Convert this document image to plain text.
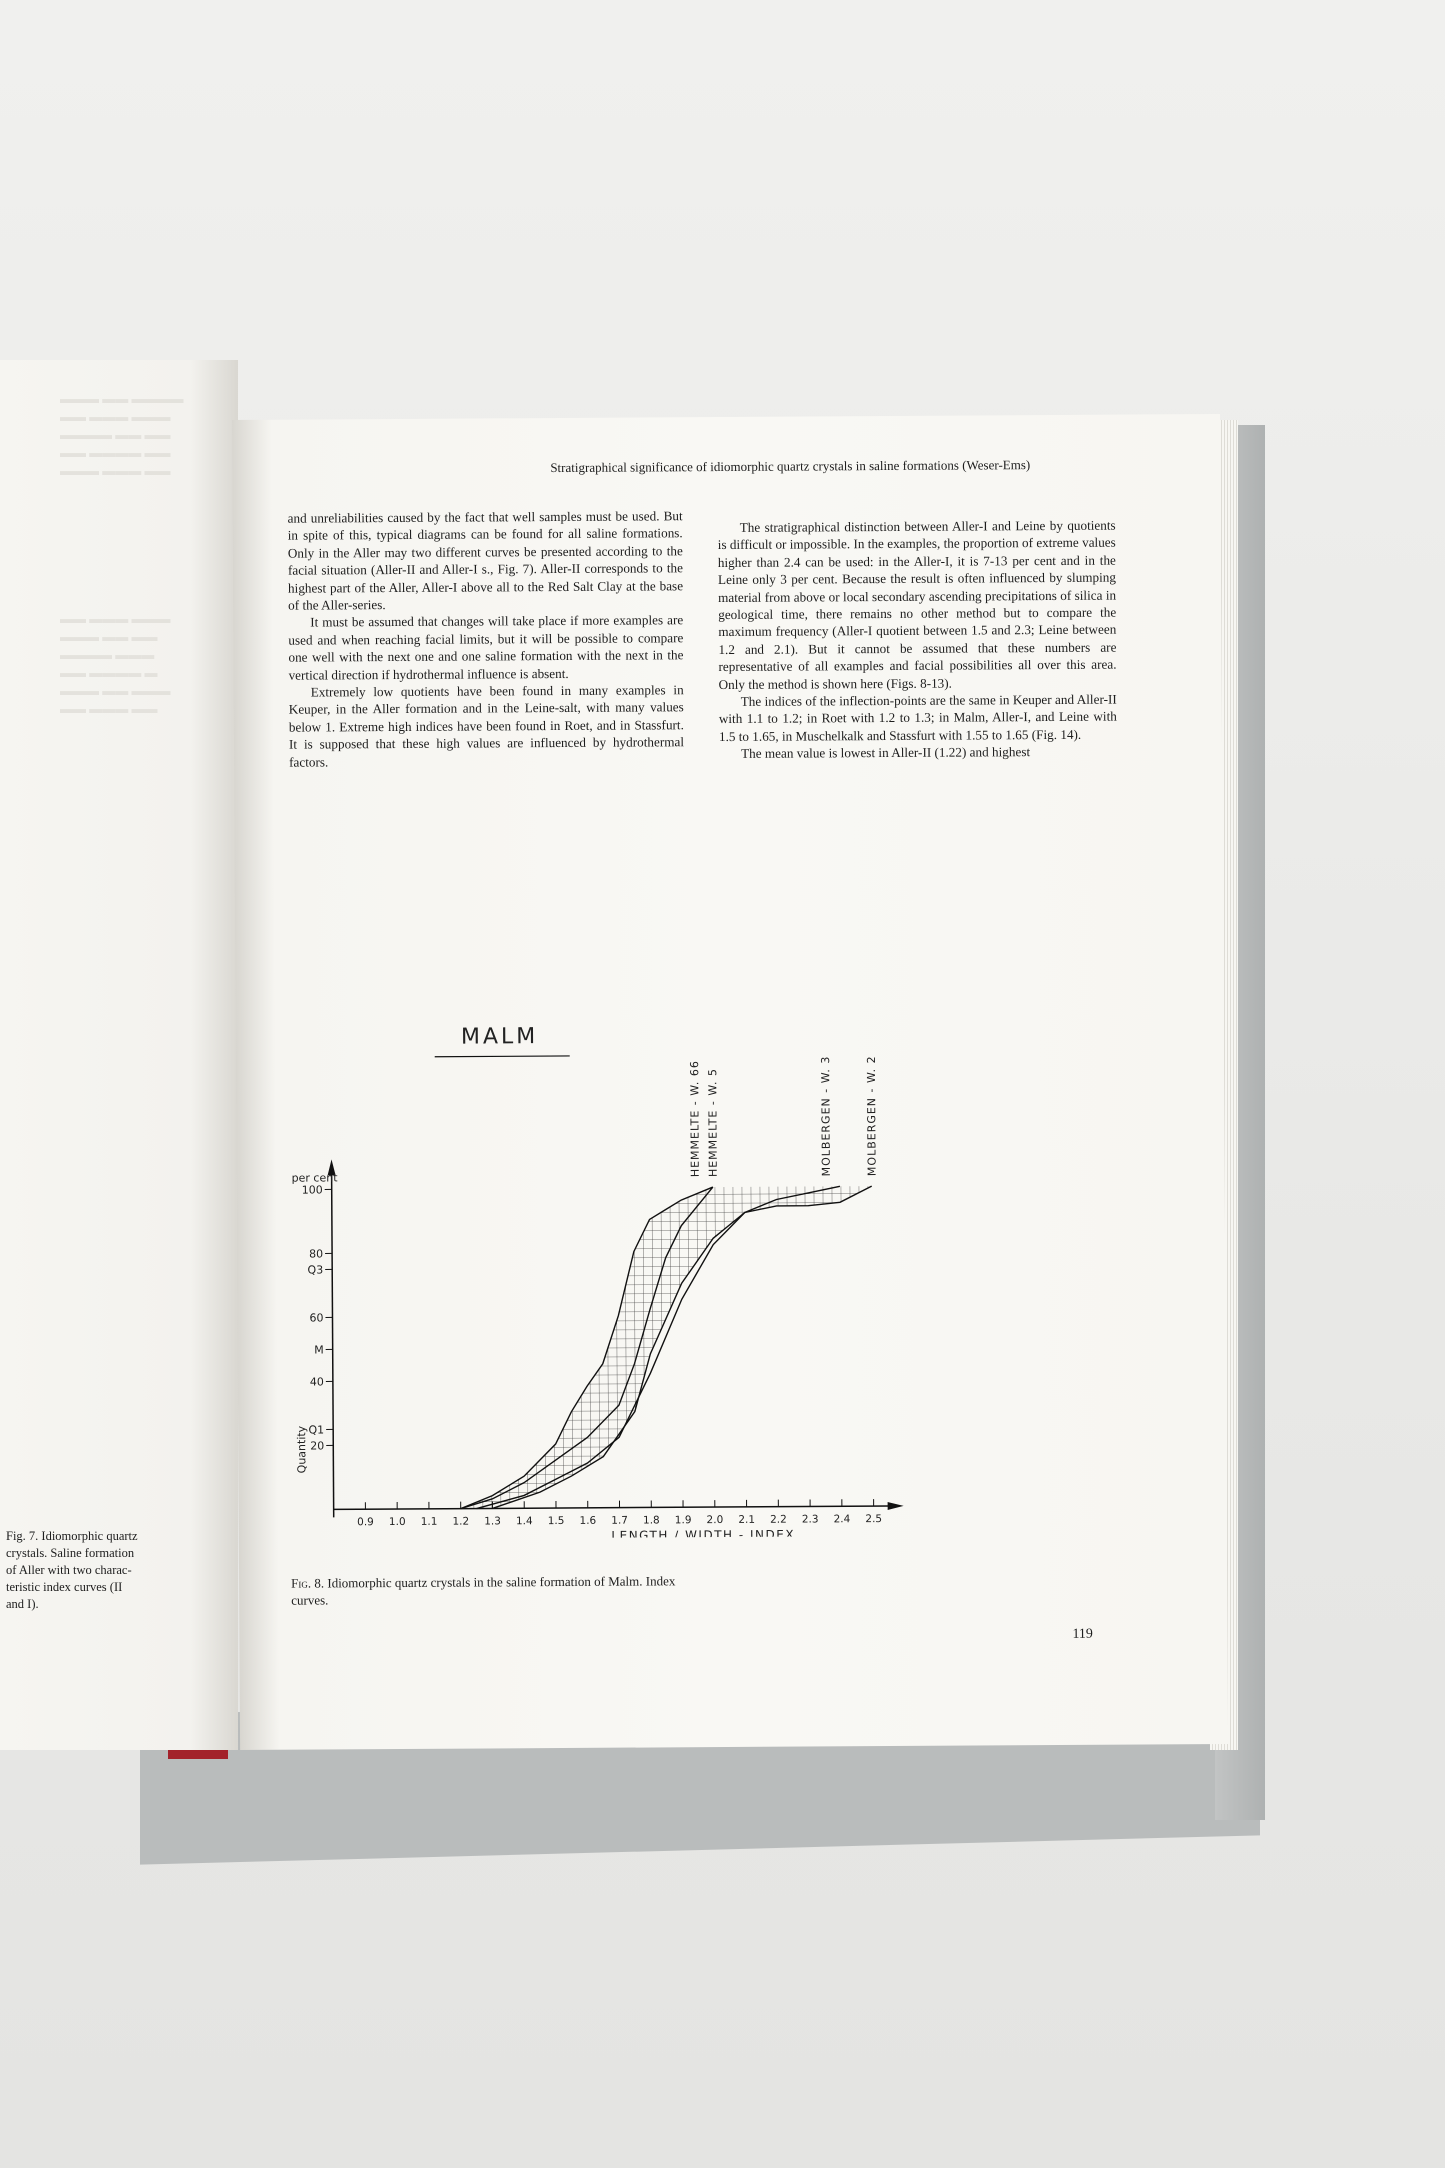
▬▬▬ ▬▬ ▬▬▬▬
▬▬ ▬▬▬ ▬▬▬
▬▬▬▬ ▬▬ ▬▬
▬▬ ▬▬▬▬ ▬▬
▬▬▬ ▬▬▬ ▬▬
▬▬ ▬▬▬ ▬▬▬
▬▬▬ ▬▬ ▬▬
▬▬▬▬ ▬▬▬
▬▬ ▬▬▬▬ ▬
▬▬▬ ▬▬ ▬▬▬
▬▬ ▬▬▬ ▬▬
Fig. 7. Idiomorphic quartz
crystals. Saline formation
of Aller with two charac-
teristic index curves (II
and I).
Stratigraphical significance of idiomorphic quartz crystals in saline formations (Weser-Ems)

and unreliabilities caused by the fact that well samples must be used. But in spite of this, typical diagrams can be found for all saline formations. Only in the Aller may two different curves be presented according to the facial situation (Aller-II and Aller-I s., Fig. 7). Aller-II corresponds to the highest part of the Aller, Aller-I above all to the Red Salt Clay at the base of the Aller-series.

It must be assumed that changes will take place if more examples are used and when reaching facial limits, but it will be possible to compare one well with the next one and one saline formation with the next in the vertical direction if hydrothermal influence is absent.

Extremely low quotients have been found in many examples in Keuper, in the Aller formation and in the Leine-salt, with many values below 1. Extreme high indices have been found in Roet, and in Stassfurt. It is supposed that these high values are influenced by hydrothermal factors.

The stratigraphical distinction between Aller-I and Leine by quotients is difficult or impossible. In the examples, the proportion of extreme values higher than 2.4 can be used: in the Aller-I, it is 7-13 per cent and in the Leine only 3 per cent. Because the result is often influenced by slumping material from above or local secondary ascending precipitations of silica in geological time, there remains no other method but to compare the maximum frequency (Aller-I quotient between 1.5 and 2.3; Leine between 1.2 and 2.1). But it cannot be assumed that these numbers are representative of all examples and facial possibilities all over this area. Only the method is shown here (Figs. 8-13).

The indices of the inflection-points are the same in Keuper and Aller-II with 1.1 to 1.2; in Roet with 1.2 to 1.3; in Malm, Aller-I, and Leine with 1.5 to 1.65, in Muschelkalk and Stassfurt with 1.55 to 1.65 (Fig. 14).

The mean value is lowest in Aller-II (1.22) and highest

0.9 1.0 1.1 1.2 1.3 1.4 1.5 1.6 1.7 1.8 1.9 2.0 2.1 2.2 2.3 2.4 2.5
100
80
60
40
20
Q3
M
Q1
per cent
Quantity
LENGTH / WIDTH - INDEX
MALM
HEMMELTE - W. 66 HEMMELTE - W. 5	MOLBERGEN - W. 3	MOLBERGEN - W. 2
Fig. 8. Idiomorphic quartz crystals in the saline formation of Malm. Index curves.
119
